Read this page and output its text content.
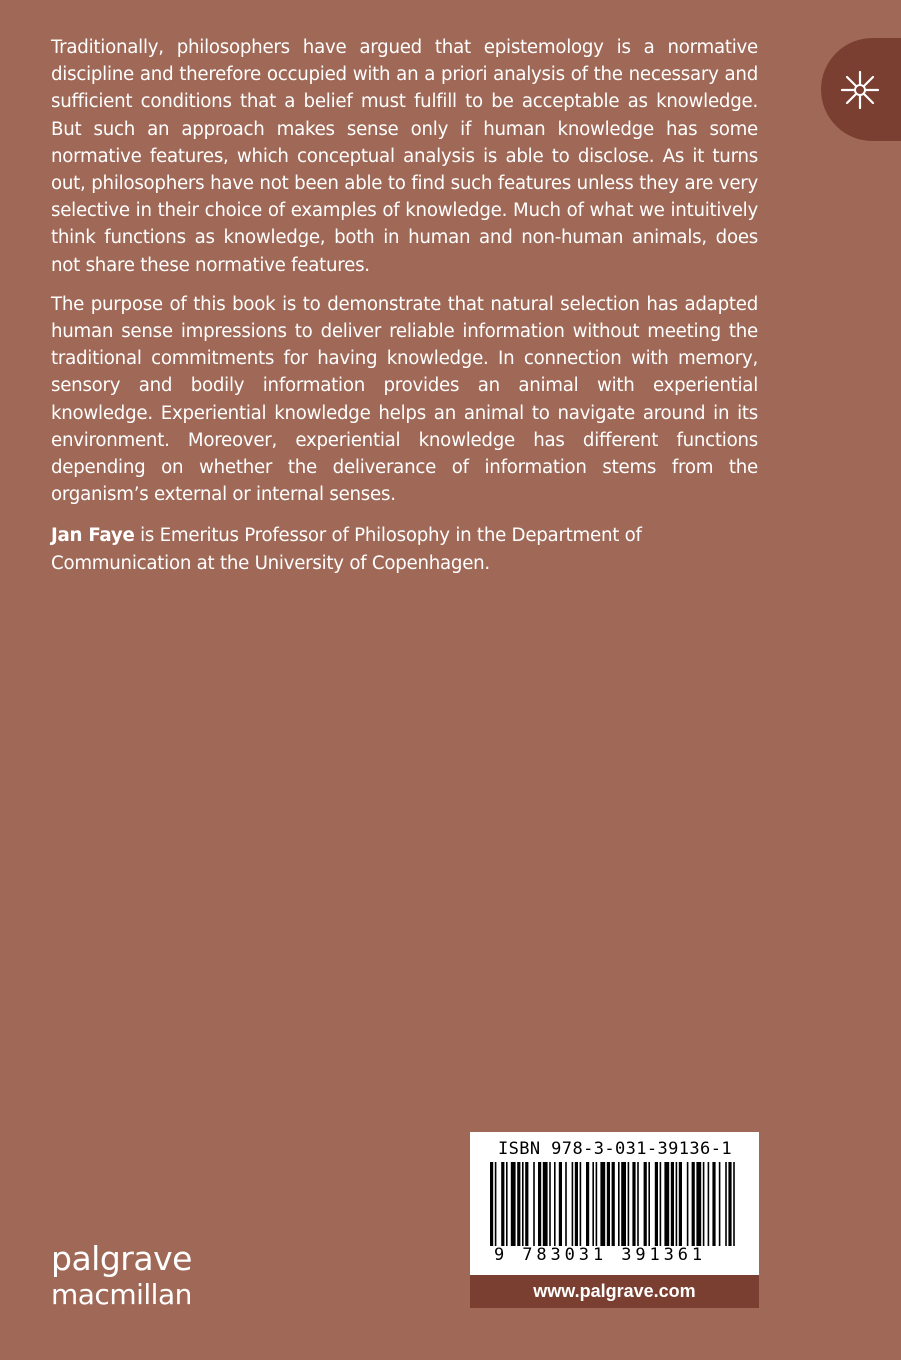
Traditionally, philosophers have argued that epistemology is a normative discipline and therefore occupied with an a priori analysis of the necessary and sufficient conditions that a belief must fulfill to be acceptable as knowledge. But such an approach makes sense only if human knowledge has some normative features, which conceptual analysis is able to disclose. As it turns out, philosophers have not been able to find such features unless they are very selective in their choice of examples of knowledge. Much of what we intuitively think functions as knowledge, both in human and non-human animals, does not share these normative features.

The purpose of this book is to demonstrate that natural selection has adapted human sense impressions to deliver reliable information without meeting the traditional commitments for having knowledge. In connection with memory, sensory and bodily information provides an animal with experiential knowledge. Experiential knowledge helps an animal to navigate around in its environment. Moreover, experiential knowledge has different functions depending on whether the deliverance of information stems from the organism’s external or internal senses.

Jan Faye is Emeritus Professor of Philosophy in the Department of Communication at the University of Copenhagen.

palgrave
macmillan
ISBN 978-3-031-39136-1
9 783031 391361
www.palgrave.com
